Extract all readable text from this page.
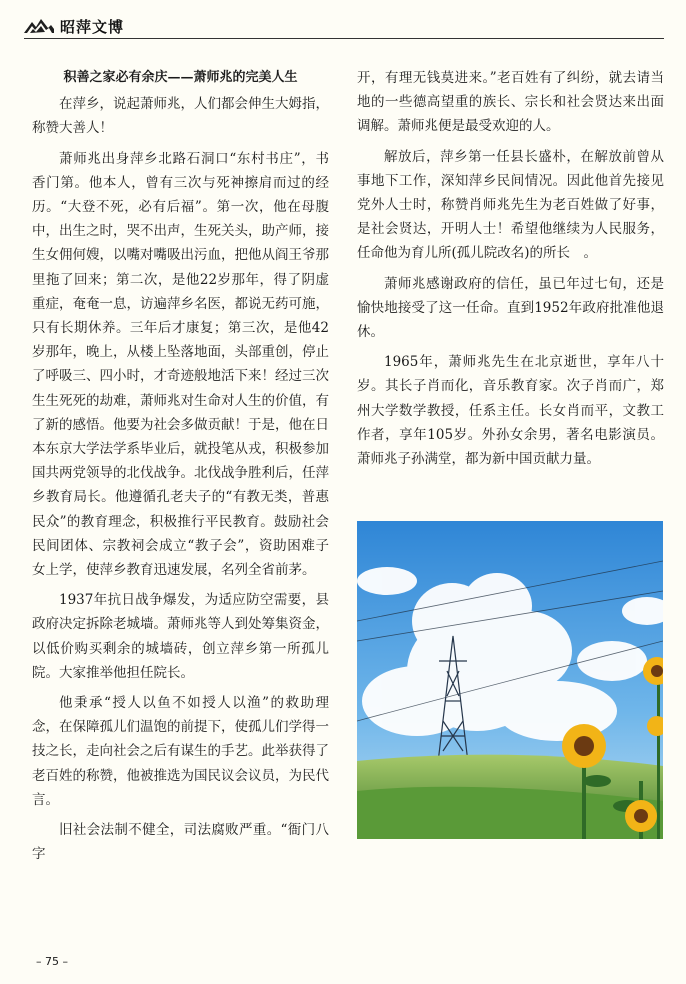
昭萍文博
积善之家必有余庆——萧师兆的完美人生

在萍乡，说起萧师兆，人们都会伸生大姆指，称赞大善人！

萧师兆出身萍乡北路石洞口“东村书庄”，书香门第。他本人，曾有三次与死神擦肩而过的经历。“大登不死，必有后福”。第一次，他在母腹中，出生之时，哭不出声，生死关头，助产师，接生女佣何嫂，以嘴对嘴吸出污血，把他从阎王爷那里拖了回来；第二次，是他22岁那年，得了阴虚重症，奄奄一息，访遍萍乡名医，都说无药可施，只有长期休养。三年后才康复；第三次，是他42岁那年，晚上，从楼上坠落地面，头部重创，停止了呼吸三、四小时，才奇迹般地活下来！经过三次生生死死的劫难，萧师兆对生命对人生的价值，有了新的感悟。他要为社会多做贡献！于是，他在日本东京大学法学系毕业后，就投笔从戎，积极参加国共两党领导的北伐战争。北伐战争胜利后，任萍乡教育局长。他遵循孔老夫子的“有教无类，普惠民众”的教育理念，积极推行平民教育。鼓励社会民间团体、宗教祠会成立“教子会”，资助困难子女上学，使萍乡教育迅速发展，名列全省前茅。

1937年抗日战争爆发，为适应防空需要，县政府决定拆除老城墙。萧师兆等人到处筹集资金，以低价购买剩余的城墙砖，创立萍乡第一所孤儿院。大家推举他担任院长。

他秉承“授人以鱼不如授人以渔”的救助理念，在保障孤儿们温饱的前提下，使孤儿们学得一技之长，走向社会之后有谋生的手艺。此举获得了老百姓的称赞，他被推选为国民议会议员，为民代言。

旧社会法制不健全，司法腐败严重。“衙门八字

开，有理无钱莫进来。”老百姓有了纠纷，就去请当地的一些德高望重的族长、宗长和社会贤达来出面调解。萧师兆便是最受欢迎的人。

解放后，萍乡第一任县长盛朴，在解放前曾从事地下工作，深知萍乡民间情况。因此他首先接见党外人士时，称赞肖师兆先生为老百姓做了好事，是社会贤达，开明人士！希望他继续为人民服务，任命他为育儿所(孤儿院改名)的所长　。

萧师兆感谢政府的信任，虽已年过七旬，还是愉快地接受了这一任命。直到1952年政府批准他退休。

1965年，萧师兆先生在北京逝世，享年八十岁。其长子肖而化，音乐教育家。次子肖而广，郑州大学数学教授，任系主任。长女肖而平，文教工作者，享年105岁。外孙女余男，著名电影演员。萧师兆子孙满堂，都为新中国贡献力量。

– 75 –
